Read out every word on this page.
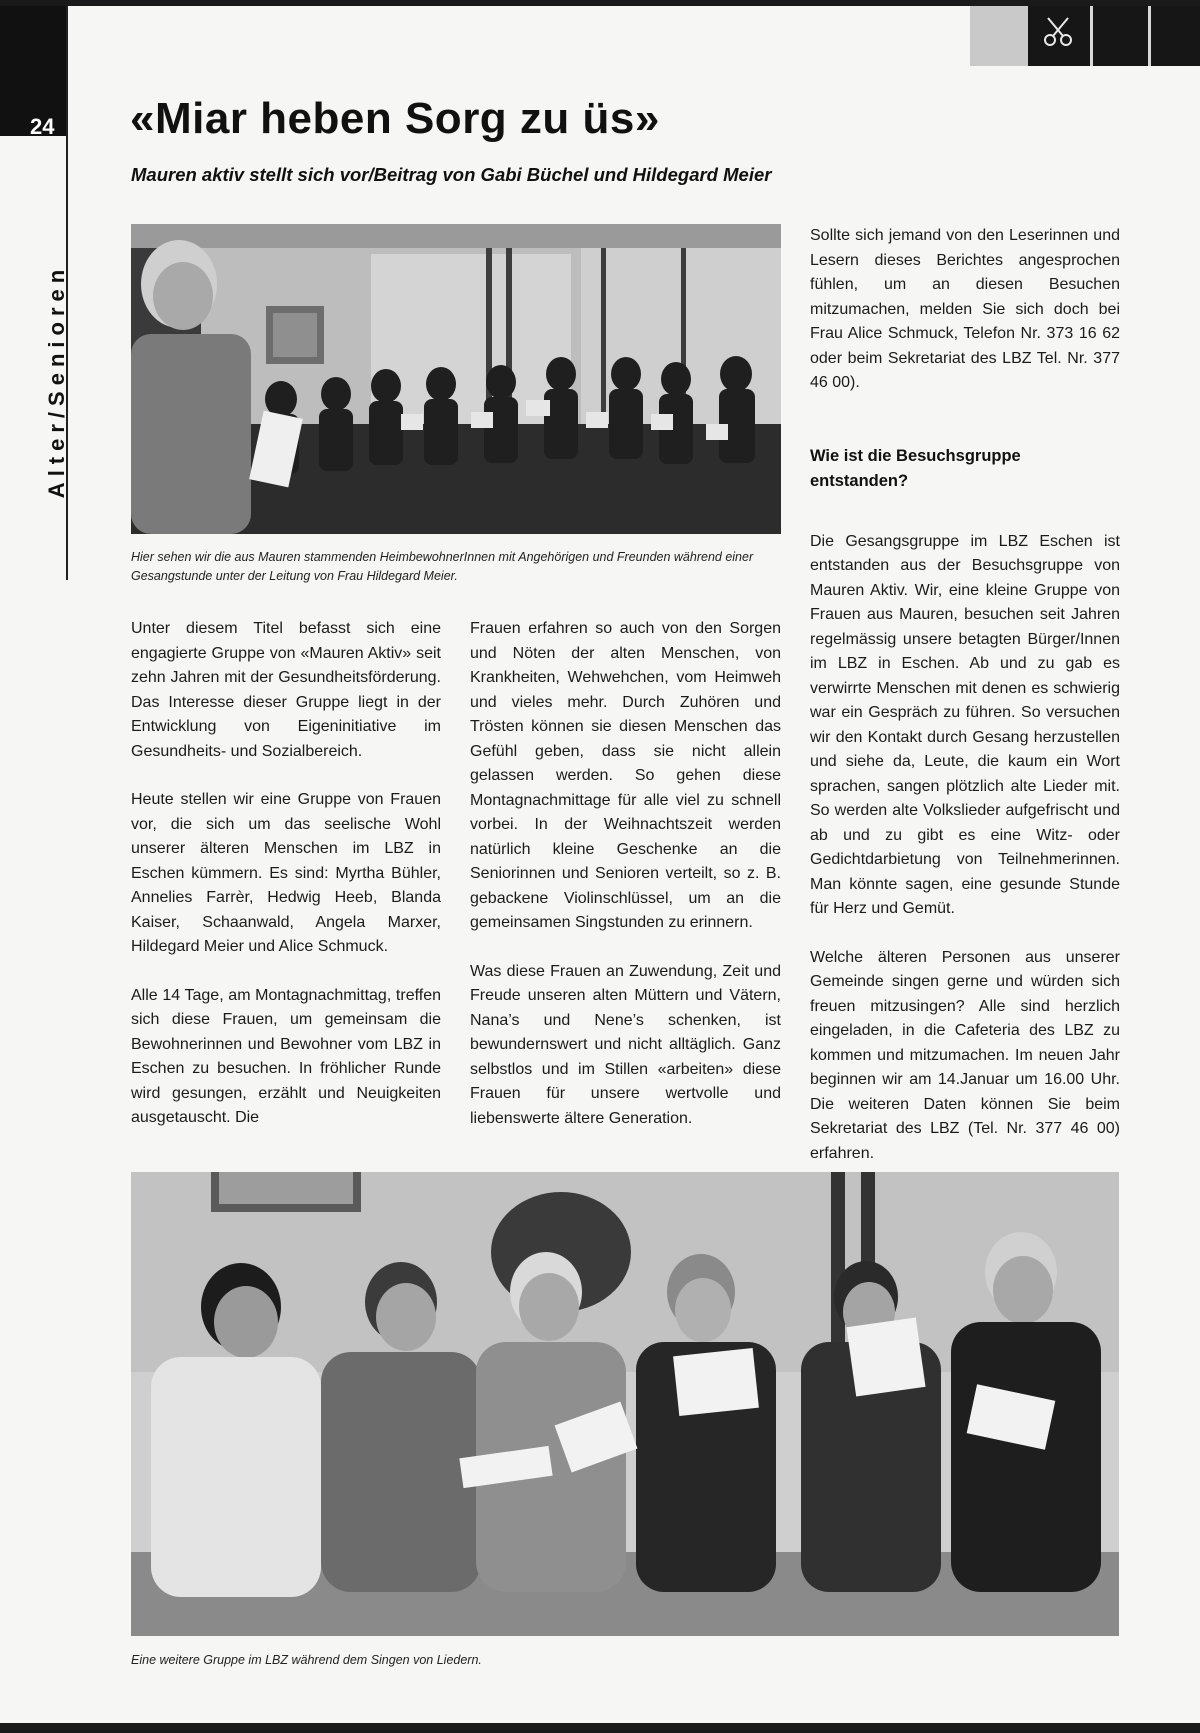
24
Alter/Senioren
«Miar heben Sorg zu üs»
Mauren aktiv stellt sich vor/Beitrag von Gabi Büchel und Hildegard Meier

Hier sehen wir die aus Mauren stammenden HeimbewohnerInnen mit Angehörigen und Freunden während einer Gesangstunde unter der Leitung von Frau Hildegard Meier.

Unter diesem Titel befasst sich eine engagierte Gruppe von «Mauren Aktiv» seit zehn Jahren mit der Gesundheitsförderung. Das Interesse dieser Gruppe liegt in der Entwicklung von Eigeninitiative im Gesundheits- und Sozialbereich.

Heute stellen wir eine Gruppe von Frauen vor, die sich um das seelische Wohl unserer älteren Menschen im LBZ in Eschen kümmern. Es sind: Myrtha Bühler, Annelies Farrèr, Hedwig Heeb, Blanda Kaiser, Schaanwald, Angela Marxer, Hildegard Meier und Alice Schmuck.

Alle 14 Tage, am Montagnachmittag, treffen sich diese Frauen, um gemeinsam die Bewohnerinnen und Bewohner vom LBZ in Eschen zu besuchen. In fröhlicher Runde wird gesungen, erzählt und Neuigkeiten ausgetauscht. Die

Frauen erfahren so auch von den Sorgen und Nöten der alten Menschen, von Krankheiten, Wehwehchen, vom Heimweh und vieles mehr. Durch Zuhören und Trösten können sie diesen Menschen das Gefühl geben, dass sie nicht allein gelassen werden. So gehen diese Montagnachmittage für alle viel zu schnell vorbei. In der Weihnachtszeit werden natürlich kleine Geschenke an die Seniorinnen und Senioren verteilt, so z. B. gebackene Violinschlüssel, um an die gemeinsamen Singstunden zu erinnern.

Was diese Frauen an Zuwendung, Zeit und Freude unseren alten Müttern und Vätern, Nana’s und Nene’s schenken, ist bewundernswert und nicht alltäglich. Ganz selbstlos und im Stillen «arbeiten» diese Frauen für unsere wertvolle und liebenswerte ältere Generation.

Sollte sich jemand von den Leserinnen und Lesern dieses Berichtes angesprochen fühlen, um an diesen Besuchen mitzumachen, melden Sie sich doch bei Frau Alice Schmuck, Telefon Nr. 373 16 62 oder beim Sekretariat des LBZ Tel. Nr. 377 46 00).

Wie ist die Besuchsgruppe entstanden?

Die Gesangsgruppe im LBZ Eschen ist entstanden aus der Besuchsgruppe von Mauren Aktiv. Wir, eine kleine Gruppe von Frauen aus Mauren, besuchen seit Jahren regelmässig unsere betagten Bürger/Innen im LBZ in Eschen. Ab und zu gab es verwirrte Menschen mit denen es schwierig war ein Gespräch zu führen. So versuchen wir den Kontakt durch Gesang herzustellen und siehe da, Leute, die kaum ein Wort sprachen, sangen plötzlich alte Lieder mit. So werden alte Volkslieder aufgefrischt und ab und zu gibt es eine Witz- oder Gedichtdarbietung von Teilnehmerinnen. Man könnte sagen, eine gesunde Stunde für Herz und Gemüt.

Welche älteren Personen aus unserer Gemeinde singen gerne und würden sich freuen mitzusingen? Alle sind herzlich eingeladen, in die Cafeteria des LBZ zu kommen und mitzumachen. Im neuen Jahr beginnen wir am 14.Januar um 16.00 Uhr. Die weiteren Daten können Sie beim Sekretariat des LBZ (Tel. Nr. 377 46 00) erfahren.

Eine weitere Gruppe im LBZ während dem Singen von Liedern.
